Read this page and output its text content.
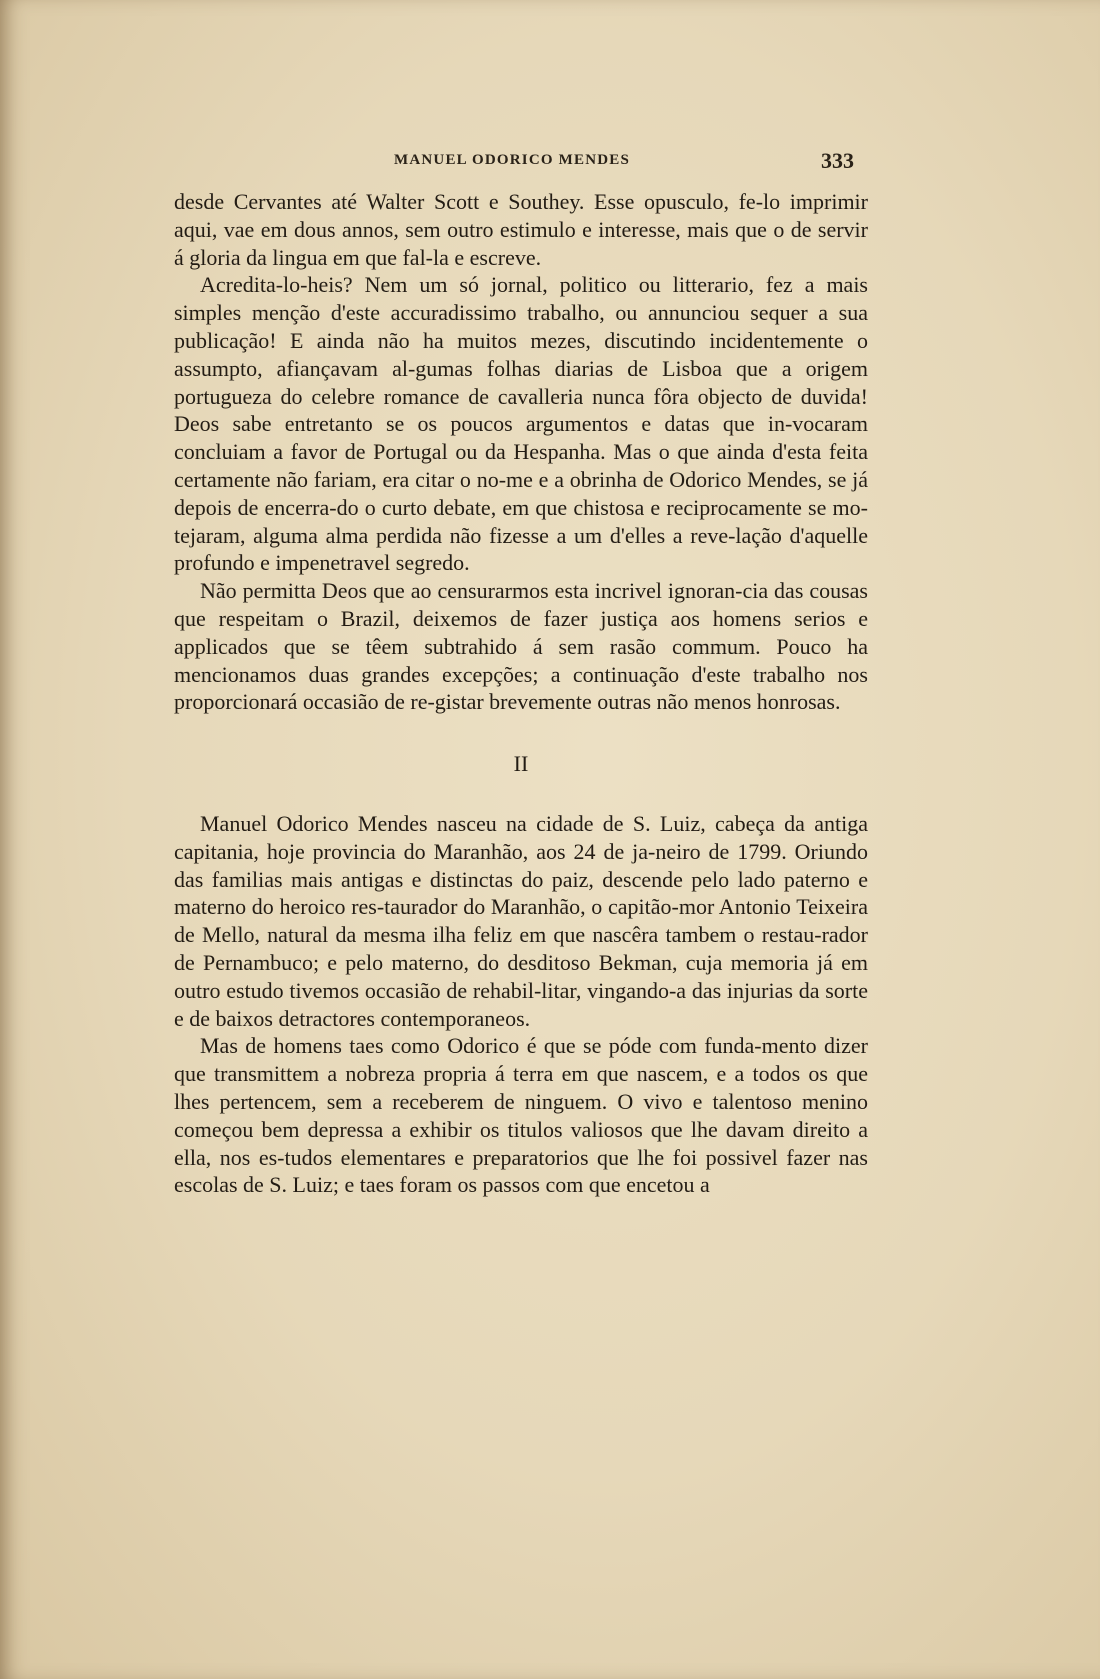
MANUEL ODORICO MENDES	333

desde Cervantes até Walter Scott e Southey. Esse opusculo, fe-lo imprimir aqui, vae em dous annos, sem outro estimulo e interesse, mais que o de servir á gloria da lingua em que fal-la e escreve.

Acredita-lo-heis? Nem um só jornal, politico ou litterario, fez a mais simples menção d'este accuradissimo trabalho, ou annunciou sequer a sua publicação! E ainda não ha muitos mezes, discutindo incidentemente o assumpto, afiançavam al-gumas folhas diarias de Lisboa que a origem portugueza do celebre romance de cavalleria nunca fôra objecto de duvida! Deos sabe entretanto se os poucos argumentos e datas que in-vocaram concluiam a favor de Portugal ou da Hespanha. Mas o que ainda d'esta feita certamente não fariam, era citar o no-me e a obrinha de Odorico Mendes, se já depois de encerra-do o curto debate, em que chistosa e reciprocamente se mo-tejaram, alguma alma perdida não fizesse a um d'elles a reve-lação d'aquelle profundo e impenetravel segredo.

Não permitta Deos que ao censurarmos esta incrivel ignoran-cia das cousas que respeitam o Brazil, deixemos de fazer justiça aos homens serios e applicados que se têem subtrahido á sem rasão commum. Pouco ha mencionamos duas grandes excepções; a continuação d'este trabalho nos proporcionará occasião de re-gistar brevemente outras não menos honrosas.

II

Manuel Odorico Mendes nasceu na cidade de S. Luiz, cabeça da antiga capitania, hoje provincia do Maranhão, aos 24 de ja-neiro de 1799. Oriundo das familias mais antigas e distinctas do paiz, descende pelo lado paterno e materno do heroico res-taurador do Maranhão, o capitão-mor Antonio Teixeira de Mello, natural da mesma ilha feliz em que nascêra tambem o restau-rador de Pernambuco; e pelo materno, do desditoso Bekman, cuja memoria já em outro estudo tivemos occasião de rehabil-litar, vingando-a das injurias da sorte e de baixos detractores contemporaneos.

Mas de homens taes como Odorico é que se póde com funda-mento dizer que transmittem a nobreza propria á terra em que nascem, e a todos os que lhes pertencem, sem a receberem de ninguem. O vivo e talentoso menino começou bem depressa a exhibir os titulos valiosos que lhe davam direito a ella, nos es-tudos elementares e preparatorios que lhe foi possivel fazer nas escolas de S. Luiz; e taes foram os passos com que encetou a
